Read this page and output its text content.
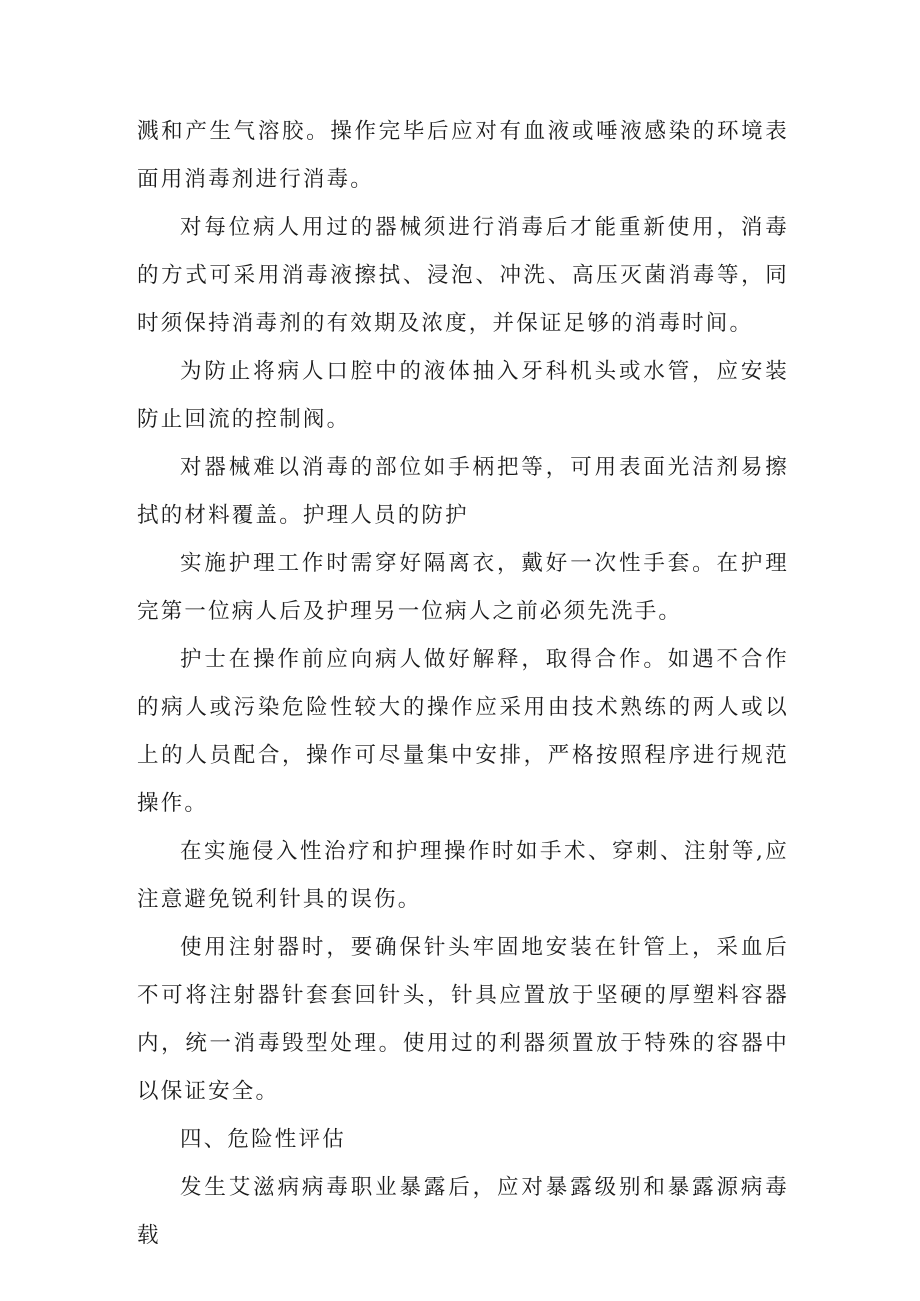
溅和产生气溶胶。操作完毕后应对有血液或唾液感染的环境表面用消毒剂进行消毒。

对每位病人用过的器械须进行消毒后才能重新使用，消毒的方式可采用消毒液擦拭、浸泡、冲洗、高压灭菌消毒等，同时须保持消毒剂的有效期及浓度，并保证足够的消毒时间。

为防止将病人口腔中的液体抽入牙科机头或水管，应安装防止回流的控制阀。

对器械难以消毒的部位如手柄把等，可用表面光洁剂易擦拭的材料覆盖。护理人员的防护

实施护理工作时需穿好隔离衣，戴好一次性手套。在护理完第一位病人后及护理另一位病人之前必须先洗手。

护士在操作前应向病人做好解释，取得合作。如遇不合作的病人或污染危险性较大的操作应采用由技术熟练的两人或以上的人员配合，操作可尽量集中安排，严格按照程序进行规范操作。

在实施侵入性治疗和护理操作时如手术、穿刺、注射等,应注意避免锐利针具的误伤。

使用注射器时，要确保针头牢固地安装在针管上，采血后不可将注射器针套套回针头，针具应置放于坚硬的厚塑料容器内，统一消毒毁型处理。使用过的利器须置放于特殊的容器中以保证安全。

四、危险性评估

发生艾滋病病毒职业暴露后，应对暴露级别和暴露源病毒载
